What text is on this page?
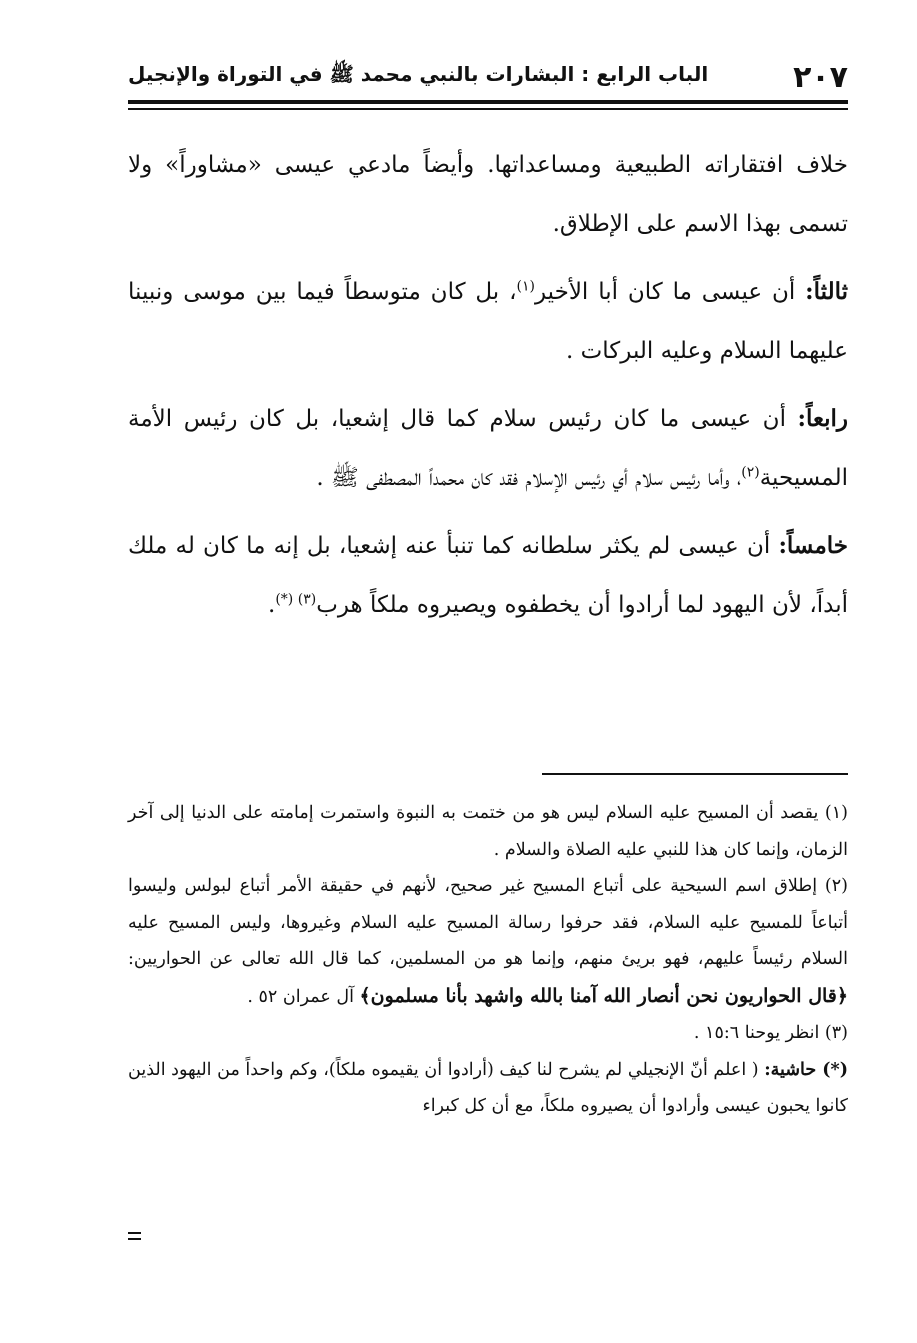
٢٠٧
الباب الرابع : البشارات بالنبي محمد ﷺ في التوراة والإنجيل

خلاف افتقاراته الطبيعية ومساعداتها. وأيضاً مادعي عيسى «مشاوراً» ولا تسمى بهذا الاسم على الإطلاق.

ثالثاً: أن عيسى ما كان أبا الأخير$^{(١)}$، بل كان متوسطاً فيما بين موسى ونبينا عليهما السلام وعليه البركات .

رابعاً: أن عيسى ما كان رئيس سلام كما قال إشعيا، بل كان رئيس الأمة المسيحية$^{(٢)}$، وأما رئيس سلام أي رئيس الإسلام فقد كان محمداً المصطفى ﷺ .

خامساً: أن عيسى لم يكثر سلطانه كما تنبأ عنه إشعيا، بل إنه ما كان له ملك أبداً، لأن اليهود لما أرادوا أن يخطفوه ويصيروه ملكاً هرب$^{(٣) (*)}$.

(١) يقصد أن المسيح عليه السلام ليس هو من ختمت به النبوة واستمرت إمامته على الدنيا إلى آخر الزمان، وإنما كان هذا للنبي عليه الصلاة والسلام .

(٢) إطلاق اسم السيحية على أتباع المسيح غير صحيح، لأنهم في حقيقة الأمر أتباع لبولس وليسوا أتباعاً للمسيح عليه السلام، فقد حرفوا رسالة المسيح عليه السلام وغيروها، وليس المسيح عليه السلام رئيساً عليهم، فهو بريئ منهم، وإنما هو من المسلمين، كما قال الله تعالى عن الحواريين: ﴿قال الحواريون نحن أنصار الله آمنا بالله واشهد بأنا مسلمون﴾ آل عمران ٥٢ .

(٣) انظر يوحنا ١٥:٦ .

(*) حاشية: ( اعلم أنّ الإنجيلي لم يشرح لنا كيف (أرادوا أن يقيموه ملكاً)، وكم واحداً من اليهود الذين كانوا يحبون عيسى وأرادوا أن يصيروه ملكاً، مع أن كل كبراء
